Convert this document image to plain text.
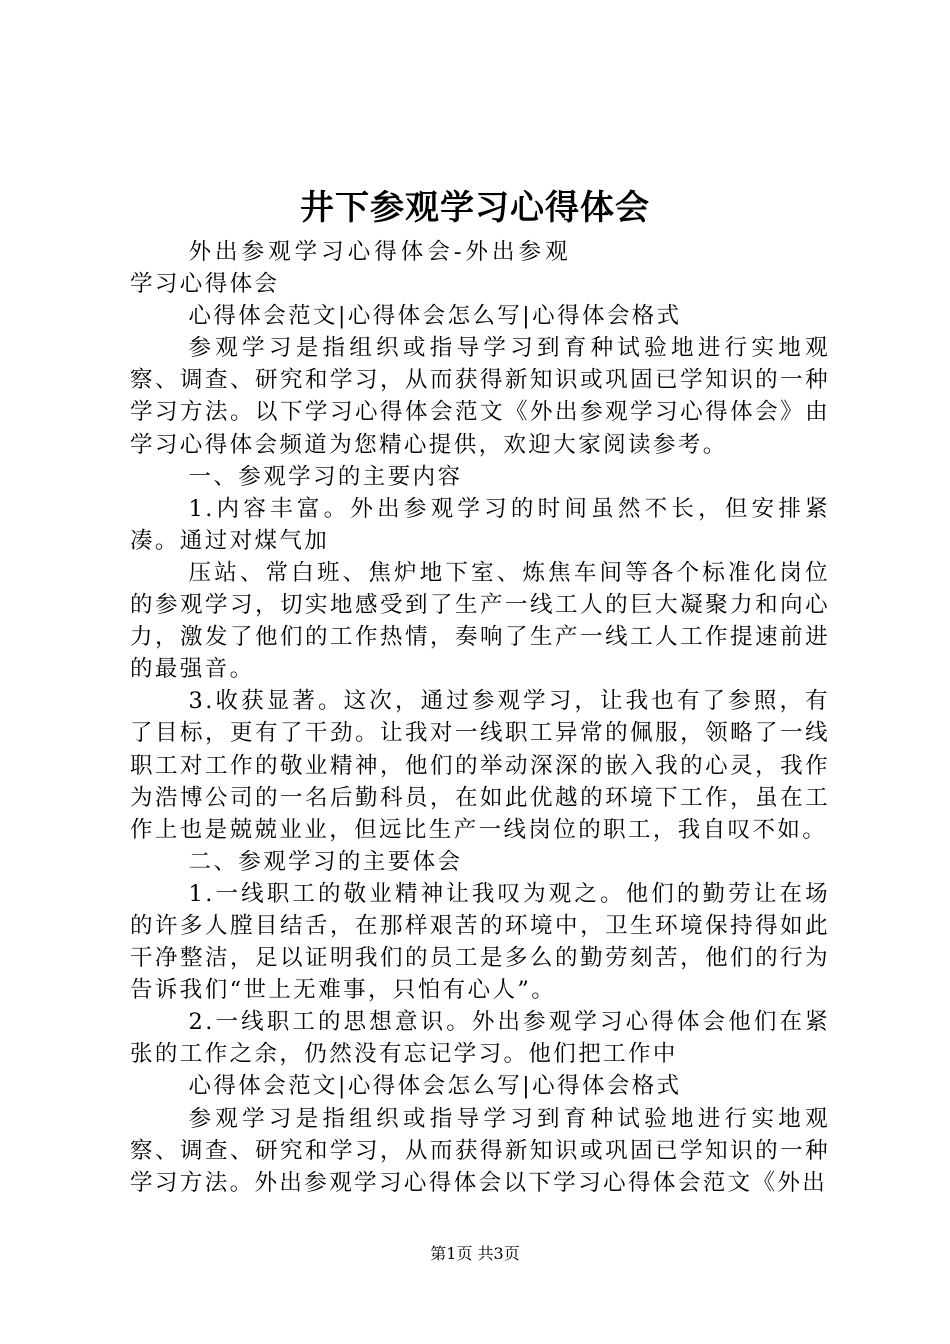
井下参观学习心得体会

外出参观学习心得体会-外出参观学习心得体会

心得体会范文|心得体会怎么写|心得体会格式

参观学习是指组织或指导学习到育种试验地进行实地观察、调查、研究和学习，从而获得新知识或巩固已学知识的一种学习方法。以下学习心得体会范文《外出参观学习心得体会》由学习心得体会频道为您精心提供，欢迎大家阅读参考。

一、参观学习的主要内容

1.内容丰富。外出参观学习的时间虽然不长，但安排紧凑。通过对煤气加

压站、常白班、焦炉地下室、炼焦车间等各个标准化岗位的参观学习，切实地感受到了生产一线工人的巨大凝聚力和向心力，激发了他们的工作热情，奏响了生产一线工人工作提速前进的最强音。

3.收获显著。这次，通过参观学习，让我也有了参照，有了目标，更有了干劲。让我对一线职工异常的佩服，领略了一线职工对工作的敬业精神，他们的举动深深的嵌入我的心灵，我作为浩博公司的一名后勤科员，在如此优越的环境下工作，虽在工作上也是兢兢业业，但远比生产一线岗位的职工，我自叹不如。

二、参观学习的主要体会

1.一线职工的敬业精神让我叹为观之。他们的勤劳让在场的许多人膛目结舌，在那样艰苦的环境中，卫生环境保持得如此干净整洁，足以证明我们的员工是多么的勤劳刻苦，他们的行为告诉我们“世上无难事，只怕有心人”。

2.一线职工的思想意识。外出参观学习心得体会他们在紧张的工作之余，仍然没有忘记学习。他们把工作中

心得体会范文|心得体会怎么写|心得体会格式

参观学习是指组织或指导学习到育种试验地进行实地观察、调查、研究和学习，从而获得新知识或巩固已学知识的一种学习方法。外出参观学习心得体会以下学习心得体会范文《外出

第1页 共3页
